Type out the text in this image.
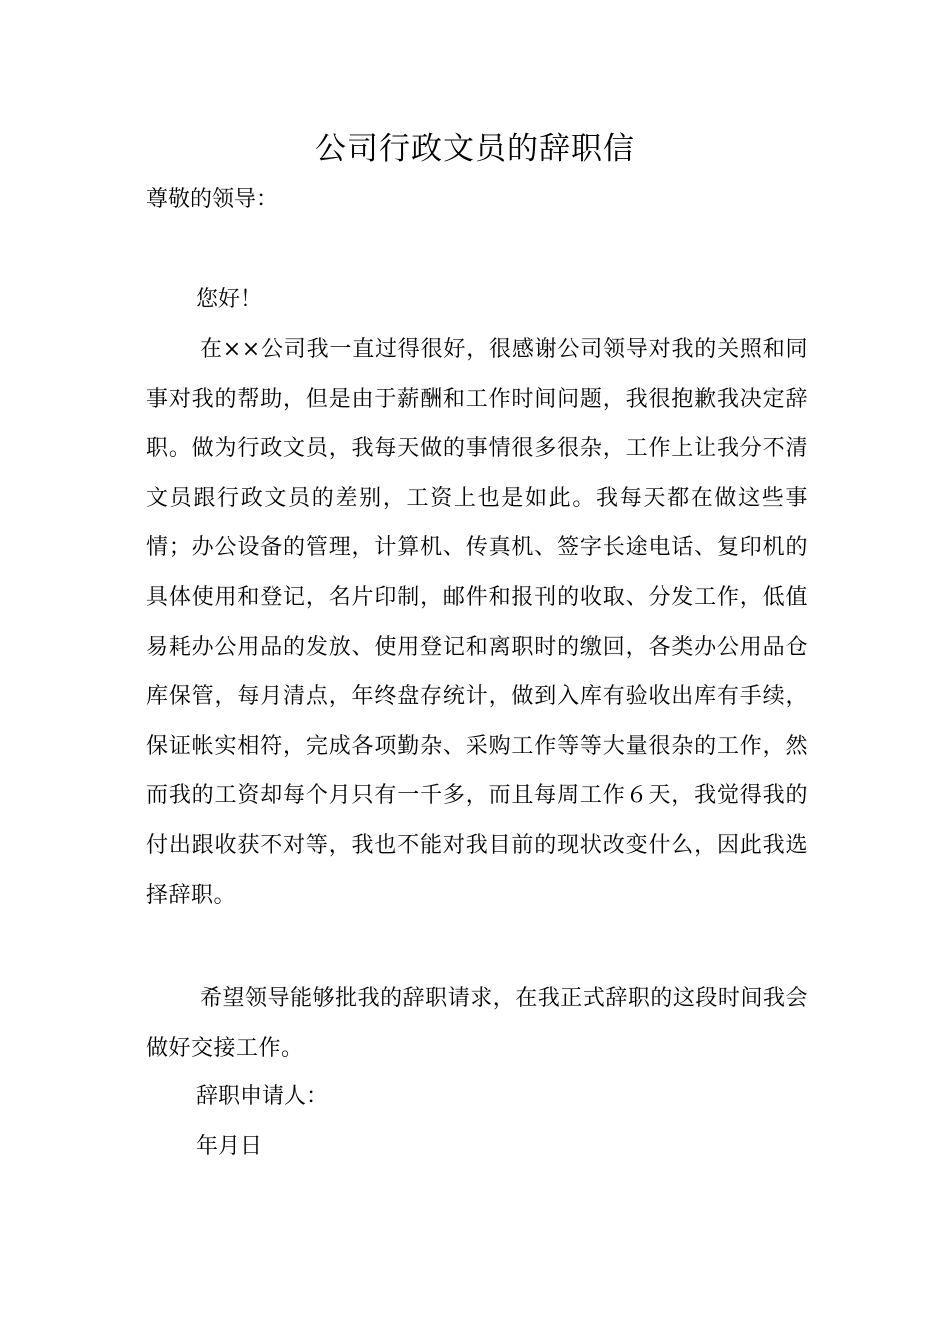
公司行政文员的辞职信
尊敬的领导：
您好！
在××公司我一直过得很好，很感谢公司领导对我的关照和同事对我的帮助，但是由于薪酬和工作时间问题，我很抱歉我决定辞职。做为行政文员，我每天做的事情很多很杂，工作上让我分不清文员跟行政文员的差别，工资上也是如此。我每天都在做这些事情；办公设备的管理，计算机、传真机、签字长途电话、复印机的具体使用和登记，名片印制，邮件和报刊的收取、分发工作，低值易耗办公用品的发放、使用登记和离职时的缴回，各类办公用品仓库保管，每月清点，年终盘存统计，做到入库有验收出库有手续，保证帐实相符，完成各项勤杂、采购工作等等大量很杂的工作，然而我的工资却每个月只有一千多，而且每周工作６天，我觉得我的付出跟收获不对等，我也不能对我目前的现状改变什么，因此我选择辞职。
希望领导能够批我的辞职请求，在我正式辞职的这段时间我会做好交接工作。
辞职申请人：
年月日
